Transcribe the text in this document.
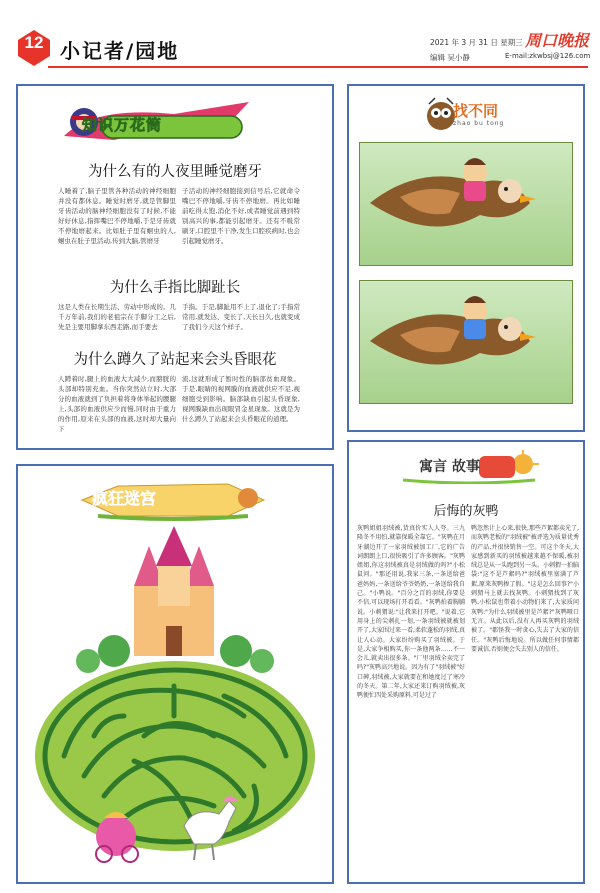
12 小记者/园地	2021 年 3 月 31 日 星期三
编辑 吴小静
周口晚报
E-mail:zkwbsj@126.com
知识万花筒
为什么有的人夜里睡觉磨牙
人睡着了,脑子里管各种活动的神经细胞并没有都休息。睡觉时磨牙,就是管脚里牙齿活动的脑神经细胞没有了时候,不能好好休息,指挥嘴巴不停地嚼,于是牙齿就不停地磨起来。比如肚子里有蛔虫的人,蛔虫在肚子里活动,传到大脑,管磨牙
子活动的神经细胞接到信号后,它就命令嘴巴不停地嚼,牙齿不停地磨。再比如睡前吃得太饱,消化不好,或者睡觉前遇到特别高兴的事,都能引起磨牙。还有不吸常刷牙,口腔里不干净,发生口腔疾病时,也会引起睡觉磨牙。
为什么手指比脚趾长
这是人类在长期生活、劳动中形成的。几千万年前,我们的老祖宗在手脚分工之后,先是主要用脚拿东西走路,而手要去
手指。于是,脚趾用不上了,退化了;手指常常用,就发达、变长了,天长日久,也就变成了我们今天这个样子。
为什么蹲久了站起来会头昏眼花
人蹲着时,腿上的血液大大减少,而膀胱的头部却特别充血。当你突然站立时,大部分的血液就到了负担着将身体举起的腰腿上,头部的血液供应少而慢,同时由于重力的作用,原来在头部的血液,这时却大量向下
流,这就形成了暂时性的脑部贫血现象。于是,眼睛的视网膜的血液就供应不足,视细胞受到影响。脑部缺血引起头昏现象,视网膜缺血出现眼冒金星现象。这就是为什么蹲久了站起来会头昏眼花的道理。
找不同
zhao bu tong
疯狂迷宫
寓言 故事
后悔的灰鸭
灰鸭姐姐羽绒被,货真价实人人夸。三九隆冬不用怕,就靠保暖全靠它。"灰鸭在月牙湖边开了一家羽绒被加工厂,它的广告词朗朗上口,很快吸引了许多顾客。"灰鸭姐姐,你这羽绒被真是羽绒做的吗?"小松鼠问。"那还用说,我家三条,一条送给爸爸妈妈,一条送给爷爷奶奶,一条送给我自己。"小鸭说。"百分之百的羽绒,你要是不信,可以现场打开看看。"灰鸭拍着胸脯说。小刺猬说:"让我来打开吧。"说着,它用身上的尖刺扎一划,一条羽绒被就被划开了,大家围过来一看,柔软蓬松的羽绒,真让人心动。大家纷纷购买了羽绒被。于是,大家争相购买,你一条他两条……不一会儿,就卖出很多条。"厂里羽绒全卖完了吗?"灰鸭高兴地说。因为有了"羽绒被"好口碑,羽绒被,大家就要在和她度过了寒冷的冬天。第二年,大家还来订购羽绒被,灰鸭便忙四处采购原料,可是过了
鸭忽然计上心来,很快,那些芦絮都卖光了,而灰鸭老板的"羽绒被"被评选为质量优秀的产品,并很快销售一空。可这个冬天,大家感到新买的羽绒被越来越不保暖,被羽绒总是从一头跑到另一头。小刺猬一拍脑袋:"这不是芦絮吗?"羽绒被里塞满了芦絮,原来灰鸭掺了假。"这是怎么回事?"小刺猬马上就去找灰鸭。小刺猬找到了灰鸭,小松鼠也带着小动物们来了,大家质问灰鸭:"为什么羽绒被里是芦絮?"灰鸭哑口无言。从此以后,没有人再买灰鸭的羽绒被了。"都怪我一时贪心,失去了大家的信任。"灰鸭后悔地说。所以做任何事情都要诚信,否则便会失去别人的信任。
